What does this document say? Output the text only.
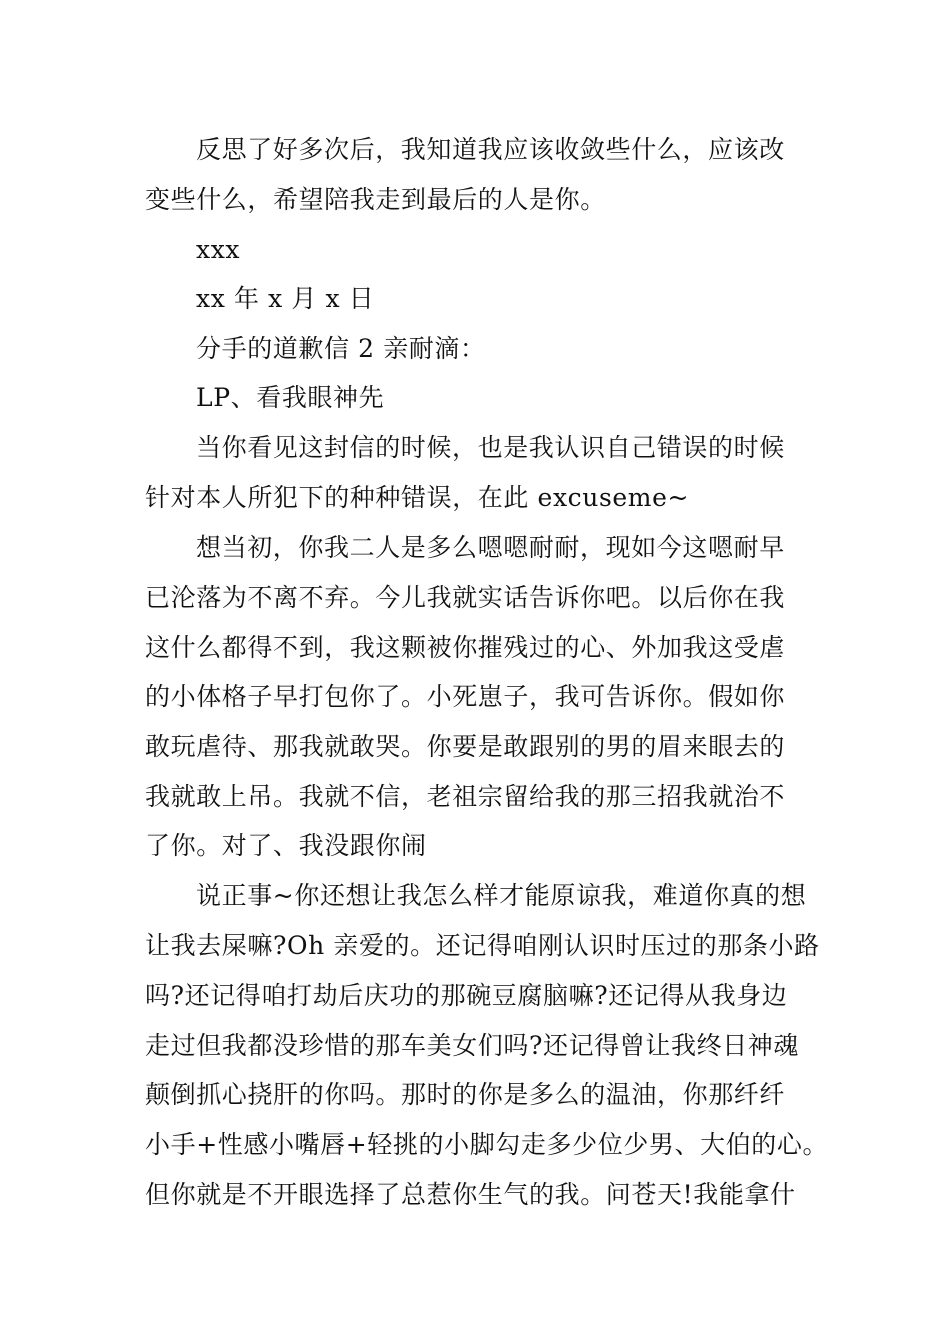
反思了好多次后，我知道我应该收敛些什么，应该改
变些什么，希望陪我走到最后的人是你。
xxx
xx 年 x 月 x 日
分手的道歉信 2 亲耐滴：
LP、看我眼神先
当你看见这封信的时候，也是我认识自己错误的时候
针对本人所犯下的种种错误，在此 excuseme~
想当初，你我二人是多么嗯嗯耐耐，现如今这嗯耐早
已沦落为不离不弃。今儿我就实话告诉你吧。以后你在我
这什么都得不到，我这颗被你摧残过的心、外加我这受虐
的小体格子早打包你了。小死崽子，我可告诉你。假如你
敢玩虐待、那我就敢哭。你要是敢跟别的男的眉来眼去的
我就敢上吊。我就不信，老祖宗留给我的那三招我就治不
了你。对了、我没跟你闹
说正事~你还想让我怎么样才能原谅我，难道你真的想
让我去屎嘛?Oh 亲爱的。还记得咱刚认识时压过的那条小路
吗?还记得咱打劫后庆功的那碗豆腐脑嘛?还记得从我身边
走过但我都没珍惜的那车美女们吗?还记得曾让我终日神魂
颠倒抓心挠肝的你吗。那时的你是多么的温油，你那纤纤
小手+性感小嘴唇+轻挑的小脚勾走多少位少男、大伯的心。
但你就是不开眼选择了总惹你生气的我。问苍天!我能拿什
